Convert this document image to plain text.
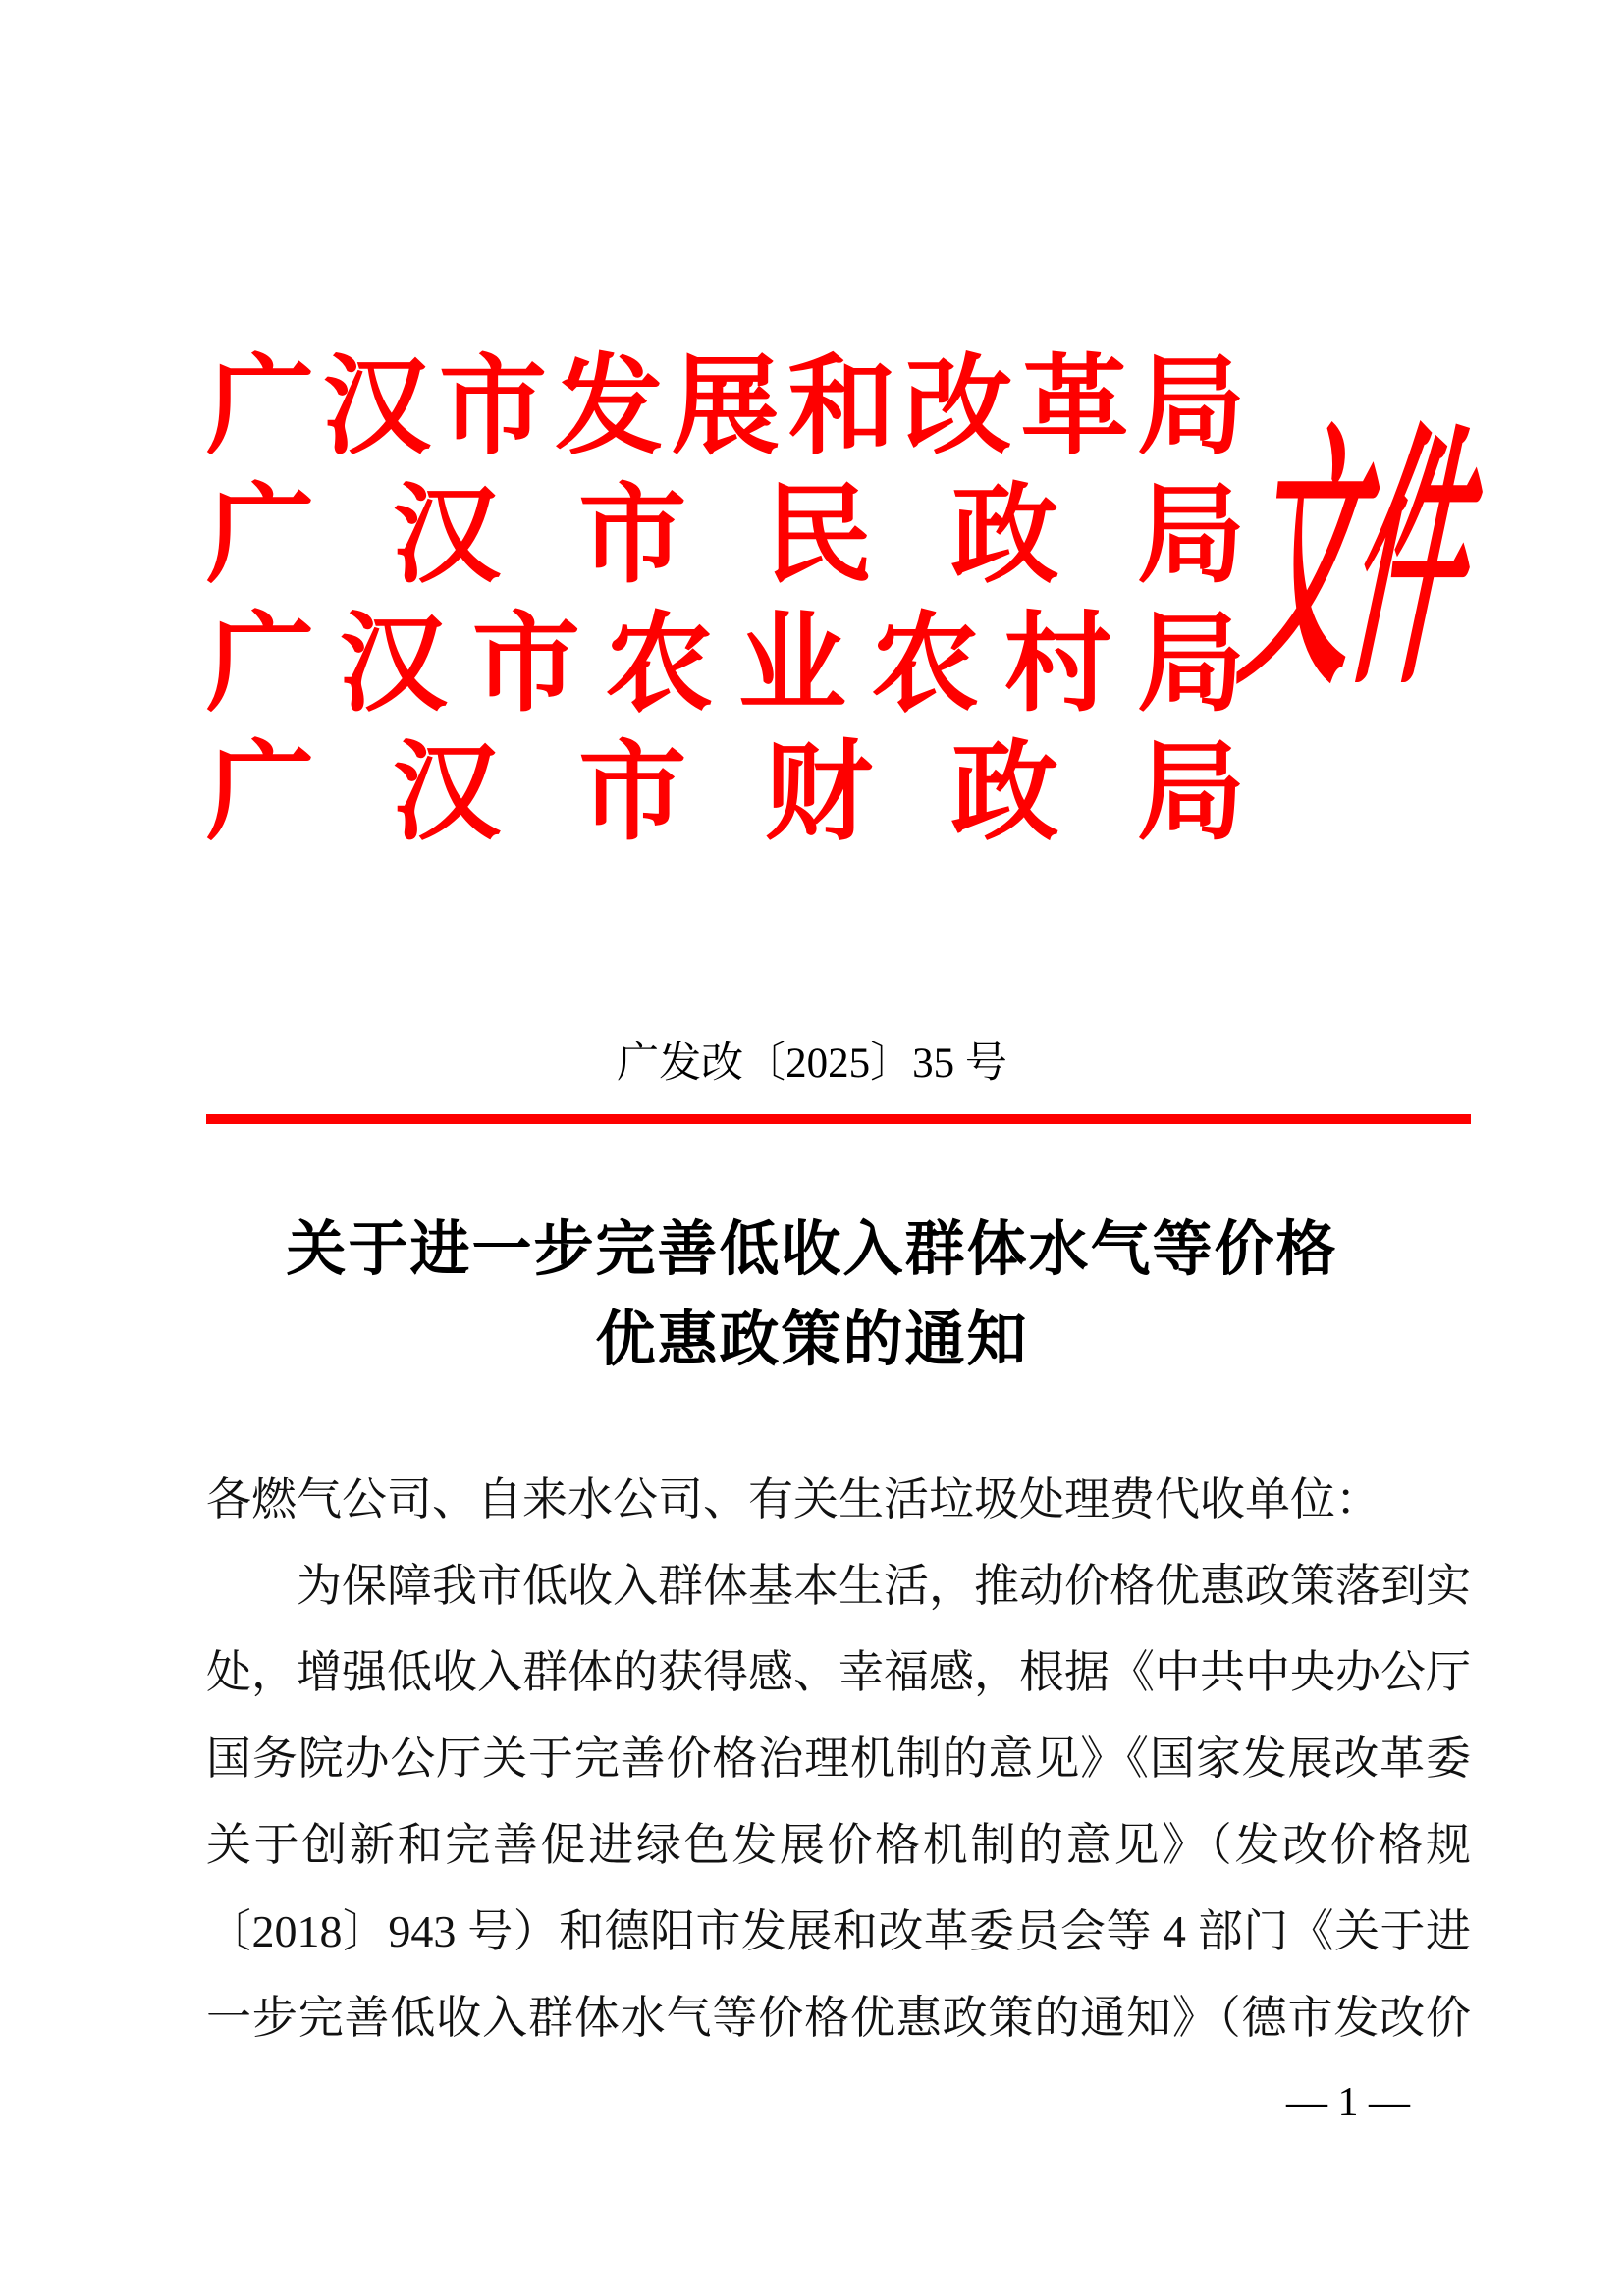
广汉市发展和改革局
广汉市民政局
广汉市农业农村局
广汉市财政局
文件
广发改〔2025〕35 号
关于进一步完善低收入群体水气等价格
优惠政策的通知
各燃气公司、自来水公司、有关生活垃圾处理费代收单位：
为保障我市低收入群体基本生活，推动价格优惠政策落到实
处，增强低收入群体的获得感、幸福感，根据《中共中央办公厅
国务院办公厅关于完善价格治理机制的意见》《国家发展改革委
关于创新和完善促进绿色发展价格机制的意见》（发改价格规
〔2018〕943 号）和德阳市发展和改革委员会等 4 部门《关于进
一步完善低收入群体水气等价格优惠政策的通知》（德市发改价
— 1 —
